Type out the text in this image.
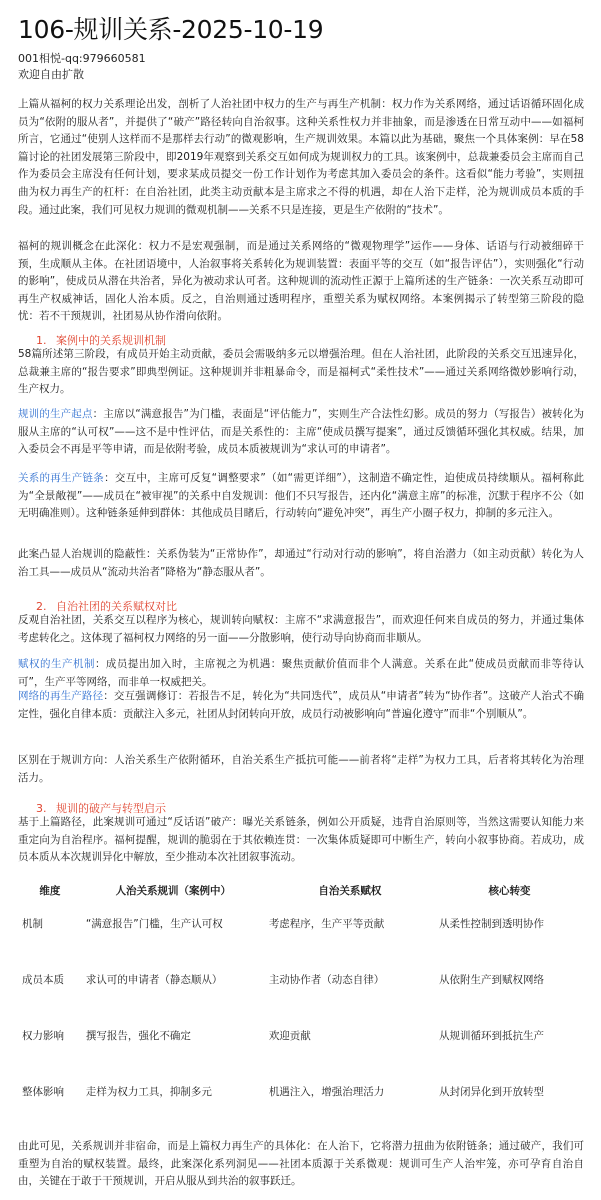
106-规训关系-2025-10-19
001相悦-qq:979660581
欢迎自由扩散

上篇从福柯的权力关系理论出发，剖析了人治社团中权力的生产与再生产机制：权力作为关系网络，通过话语循环固化成员为“依附的服从者”，并提供了“破产”路径转向自治叙事。这种关系性权力并非抽象，而是渗透在日常互动中——如福柯所言，它通过“使别人这样而不是那样去行动”的微观影响，生产规训效果。本篇以此为基础，聚焦一个具体案例：早在58篇讨论的社团发展第三阶段中，即2019年观察到关系交互如何成为规训权力的工具。该案例中，总裁兼委员会主席而自己作为委员会主席没有任何计划，要求某成员提交一份工作计划作为考虑其加入委员会的条件。这看似“能力考验”，实则扭曲为权力再生产的杠杆：在自治社团，此类主动贡献本是主席求之不得的机遇，却在人治下走样，沦为规训成员本质的手段。通过此案，我们可见权力规训的微观机制——关系不只是连接，更是生产依附的“技术”。

福柯的规训概念在此深化：权力不是宏观强制，而是通过关系网络的“微观物理学”运作——身体、话语与行动被细碎干预，生成顺从主体。在社团语境中，人治叙事将关系转化为规训装置：表面平等的交互（如“报告评估”），实则强化“行动的影响”，使成员从潜在共治者，异化为被动求认可者。这种规训的流动性正源于上篇所述的生产链条：一次关系互动即可再生产权威神话，固化人治本质。反之，自治则通过透明程序，重塑关系为赋权网络。本案例揭示了转型第三阶段的隐忧：若不干预规训，社团易从协作滑向依附。

1. 案例中的关系规训机制

58篇所述第三阶段，有成员开始主动贡献，委员会需吸纳多元以增强治理。但在人治社团，此阶段的关系交互迅速异化，总裁兼主席的“报告要求”即典型例证。这种规训并非粗暴命令，而是福柯式“柔性技术”——通过关系网络微妙影响行动，生产权力。

规训的生产起点：主席以“满意报告”为门槛，表面是“评估能力”，实则生产合法性幻影。成员的努力（写报告）被转化为服从主席的“认可权”——这不是中性评估，而是关系性的：主席“使成员撰写提案”，通过反馈循环强化其权威。结果，加入委员会不再是平等申请，而是依附考验，成员本质被规训为“求认可的申请者”。

关系的再生产链条：交互中，主席可反复“调整要求”（如“需更详细”），这制造不确定性，迫使成员持续顺从。福柯称此为“全景敞视”——成员在“被审视”的关系中自发规训：他们不只写报告，还内化“满意主席”的标准，沉默于程序不公（如无明确准则）。这种链条延伸到群体：其他成员目睹后，行动转向“避免冲突”，再生产小圈子权力，抑制的多元注入。

此案凸显人治规训的隐蔽性：关系伪装为“正常协作”，却通过“行动对行动的影响”，将自治潜力（如主动贡献）转化为人治工具——成员从“流动共治者”降格为“静态服从者”。

2. 自治社团的关系赋权对比

反观自治社团，关系交互以程序为核心，规训转向赋权：主席不“求满意报告”，而欢迎任何来自成员的努力，并通过集体考虑转化之。这体现了福柯权力网络的另一面——分散影响，使行动导向协商而非顺从。

赋权的生产机制：成员提出加入时，主席视之为机遇：聚焦贡献价值而非个人满意。关系在此“使成员贡献而非等待认可”，生产平等网络，而非单一权威把关。

网络的再生产路径：交互强调修订：若报告不足，转化为“共同迭代”，成员从“申请者”转为“协作者”。这破产人治式不确定性，强化自律本质：贡献注入多元，社团从封闭转向开放，成员行动被影响向“普遍化遵守”而非“个别顺从”。

区别在于规训方向：人治关系生产依附循环，自治关系生产抵抗可能——前者将“走样”为权力工具，后者将其转化为治理活力。

3. 规训的破产与转型启示

基于上篇路径，此案规训可通过“反话语”破产：曝光关系链条，例如公开质疑，违背自治原则等，当然这需要认知能力来重定向为自治程序。福柯提醒，规训的脆弱在于其依赖连贯：一次集体质疑即可中断生产，转向小叙事协商。若成功，成员本质从本次规训异化中解放，至少推动本次社团叙事流动。

维度	人治关系规训（案例中）	自治关系赋权	核心转变
机制	“满意报告”门槛，生产认可权	考虑程序，生产平等贡献	从柔性控制到透明协作
成员本质	求认可的申请者（静态顺从）	主动协作者（动态自律）	从依附生产到赋权网络
权力影响	撰写报告，强化不确定	欢迎贡献	从规训循环到抵抗生产
整体影响	走样为权力工具，抑制多元	机遇注入，增强治理活力	从封闭异化到开放转型

由此可见，关系规训并非宿命，而是上篇权力再生产的具体化：在人治下，它将潜力扭曲为依附链条；通过破产，我们可重塑为自治的赋权装置。最终，此案深化系列洞见——社团本质源于关系微观：规训可生产人治牢笼，亦可孕育自治自由，关键在于敢于干预规训，开启从服从到共治的叙事跃迁。
